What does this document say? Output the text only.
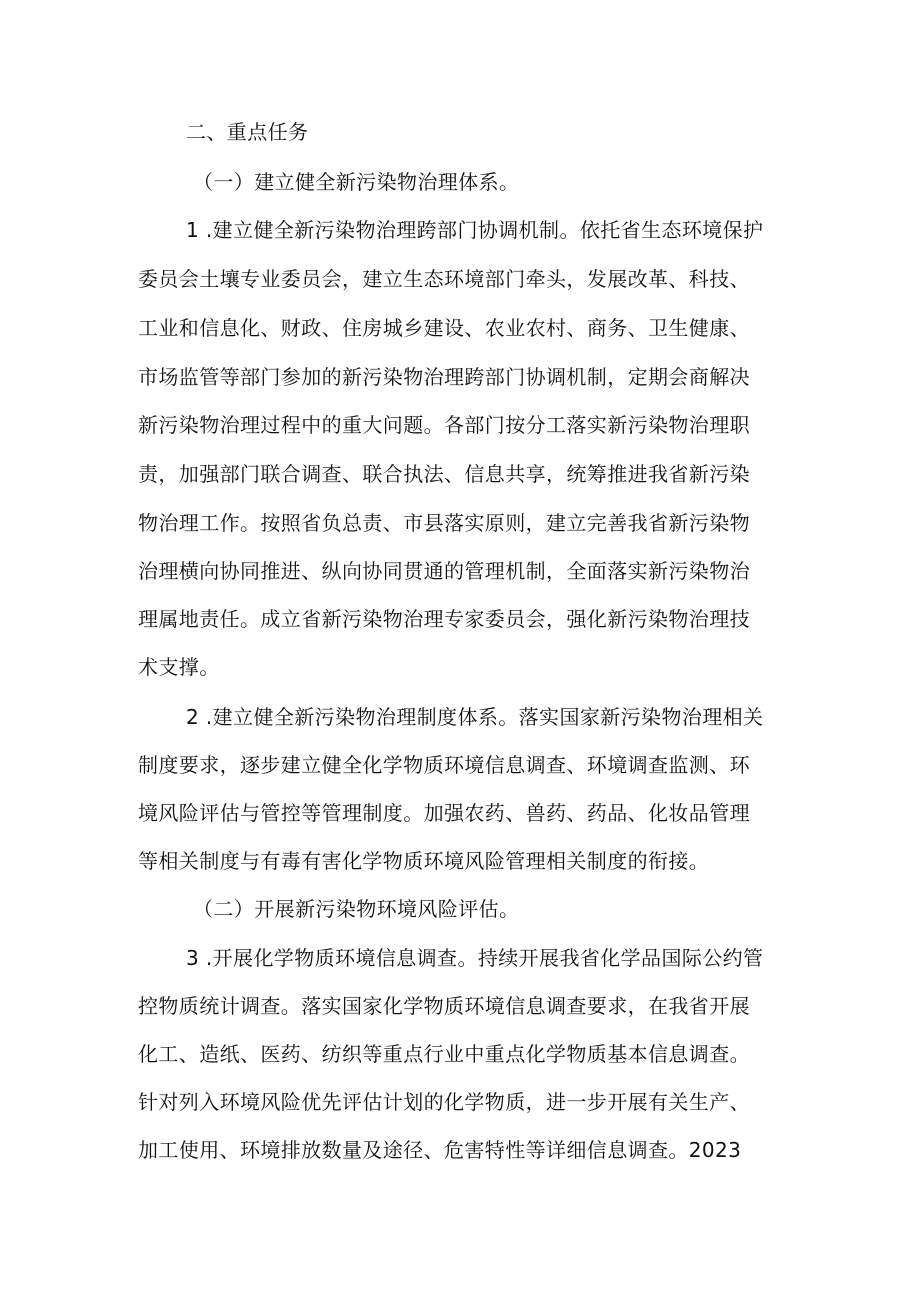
二、重点任务
（一）建立健全新污染物治理体系。
1 .建立健全新污染物治理跨部门协调机制。依托省生态环境保护
委员会土壤专业委员会，建立生态环境部门牵头，发展改革、科技、
工业和信息化、财政、住房城乡建设、农业农村、商务、卫生健康、
市场监管等部门参加的新污染物治理跨部门协调机制，定期会商解决
新污染物治理过程中的重大问题。各部门按分工落实新污染物治理职
责，加强部门联合调查、联合执法、信息共享，统筹推进我省新污染
物治理工作。按照省负总责、市县落实原则，建立完善我省新污染物
治理横向协同推进、纵向协同贯通的管理机制，全面落实新污染物治
理属地责任。成立省新污染物治理专家委员会，强化新污染物治理技
术支撑。
2 .建立健全新污染物治理制度体系。落实国家新污染物治理相关
制度要求，逐步建立健全化学物质环境信息调查、环境调查监测、环
境风险评估与管控等管理制度。加强农药、兽药、药品、化妆品管理
等相关制度与有毒有害化学物质环境风险管理相关制度的衔接。
（二）开展新污染物环境风险评估。
3 .开展化学物质环境信息调查。持续开展我省化学品国际公约管
控物质统计调查。落实国家化学物质环境信息调查要求，在我省开展
化工、造纸、医药、纺织等重点行业中重点化学物质基本信息调查。
针对列入环境风险优先评估计划的化学物质，进一步开展有关生产、
加工使用、环境排放数量及途径、危害特性等详细信息调查。2023
